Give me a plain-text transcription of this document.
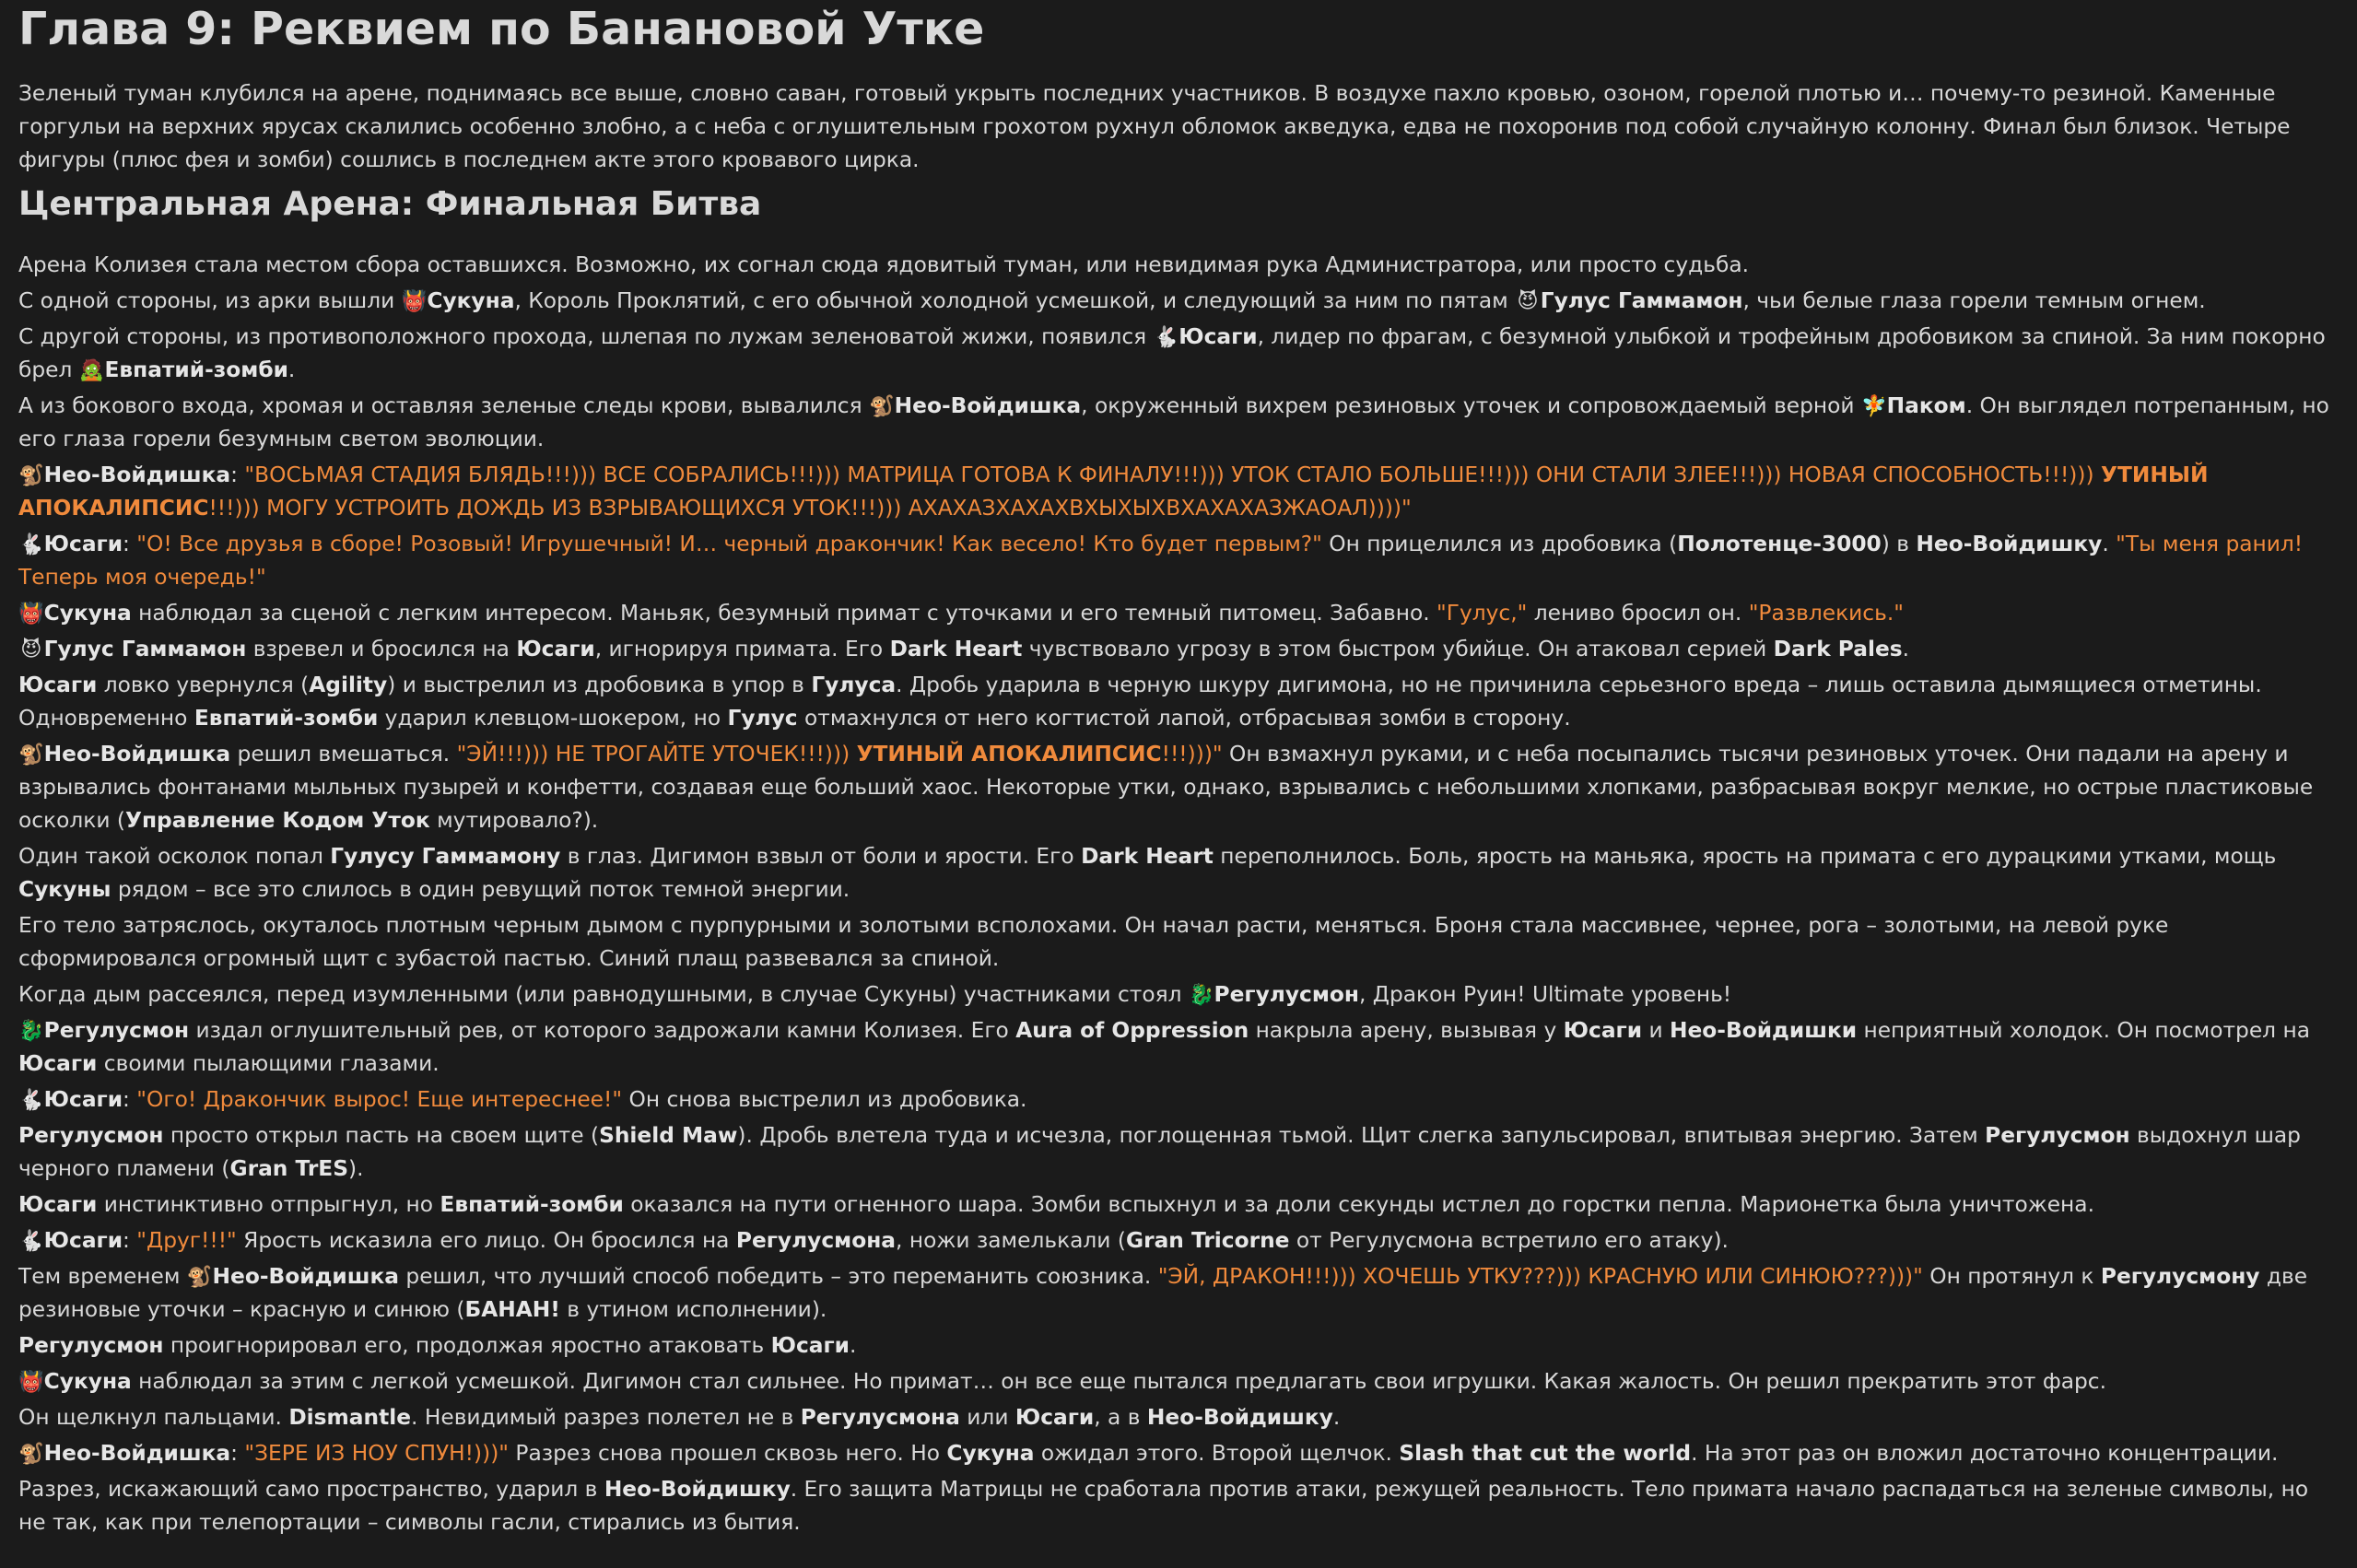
Глава 9: Реквием по Банановой Утке

Зеленый туман клубился на арене, поднимаясь все выше, словно саван, готовый укрыть последних участников. В воздухе пахло кровью, озоном, горелой плотью и… почему-то резиной. Каменные горгульи на верхних ярусах скалились особенно злобно, а с неба с оглушительным грохотом рухнул обломок акведука, едва не похоронив под собой случайную колонну. Финал был близок. Четыре фигуры (плюс фея и зомби) сошлись в последнем акте этого кровавого цирка.

Центральная Арена: Финальная Битва

Арена Колизея стала местом сбора оставшихся. Возможно, их согнал сюда ядовитый туман, или невидимая рука Администратора, или просто судьба.

С одной стороны, из арки вышли 👹Сукуна, Король Проклятий, с его обычной холодной усмешкой, и следующий за ним по пятам 😈Гулус Гаммамон, чьи белые глаза горели темным огнем.

С другой стороны, из противоположного прохода, шлепая по лужам зеленоватой жижи, появился 🐇Юсаги, лидер по фрагам, с безумной улыбкой и трофейным дробовиком за спиной. За ним покорно брел 🧟Евпатий-зомби.

А из бокового входа, хромая и оставляя зеленые следы крови, вывалился 🐒Нео-Войдишка, окруженный вихрем резиновых уточек и сопровождаемый верной 🧚Паком. Он выглядел потрепанным, но его глаза горели безумным светом эволюции.

🐒Нео-Войдишка: "ВОСЬМАЯ СТАДИЯ БЛЯДЬ!!!))) ВСЕ СОБРАЛИСЬ!!!))) МАТРИЦА ГОТОВА К ФИНАЛУ!!!))) УТОК СТАЛО БОЛЬШЕ!!!))) ОНИ СТАЛИ ЗЛЕЕ!!!))) НОВАЯ СПОСОБНОСТЬ!!!))) УТИНЫЙ АПОКАЛИПСИС!!!))) МОГУ УСТРОИТЬ ДОЖДЬ ИЗ ВЗРЫВАЮЩИХСЯ УТОК!!!))) АХАХАЗХАХАХВХЫХЫХВХАХАХАЗЖАОАЛ))))"

🐇Юсаги: "О! Все друзья в сборе! Розовый! Игрушечный! И… черный дракончик! Как весело! Кто будет первым?" Он прицелился из дробовика (Полотенце-3000) в Нео-Войдишку. "Ты меня ранил! Теперь моя очередь!"

👹Сукуна наблюдал за сценой с легким интересом. Маньяк, безумный примат с уточками и его темный питомец. Забавно. "Гулус," лениво бросил он. "Развлекись."

😈Гулус Гаммамон взревел и бросился на Юсаги, игнорируя примата. Его Dark Heart чувствовало угрозу в этом быстром убийце. Он атаковал серией Dark Pales.

Юсаги ловко увернулся (Agility) и выстрелил из дробовика в упор в Гулуса. Дробь ударила в черную шкуру дигимона, но не причинила серьезного вреда – лишь оставила дымящиеся отметины. Одновременно Евпатий-зомби ударил клевцом-шокером, но Гулус отмахнулся от него когтистой лапой, отбрасывая зомби в сторону.

🐒Нео-Войдишка решил вмешаться. "ЭЙ!!!))) НЕ ТРОГАЙТЕ УТОЧЕК!!!))) УТИНЫЙ АПОКАЛИПСИС!!!)))" Он взмахнул руками, и с неба посыпались тысячи резиновых уточек. Они падали на арену и взрывались фонтанами мыльных пузырей и конфетти, создавая еще больший хаос. Некоторые утки, однако, взрывались с небольшими хлопками, разбрасывая вокруг мелкие, но острые пластиковые осколки (Управление Кодом Уток мутировало?).

Один такой осколок попал Гулусу Гаммамону в глаз. Дигимон взвыл от боли и ярости. Его Dark Heart переполнилось. Боль, ярость на маньяка, ярость на примата с его дурацкими утками, мощь Сукуны рядом – все это слилось в один ревущий поток темной энергии.

Его тело затряслось, окуталось плотным черным дымом с пурпурными и золотыми всполохами. Он начал расти, меняться. Броня стала массивнее, чернее, рога – золотыми, на левой руке сформировался огромный щит с зубастой пастью. Синий плащ развевался за спиной.

Когда дым рассеялся, перед изумленными (или равнодушными, в случае Сукуны) участниками стоял 🐉Регулусмон, Дракон Руин! Ultimate уровень!

🐉Регулусмон издал оглушительный рев, от которого задрожали камни Колизея. Его Aura of Oppression накрыла арену, вызывая у Юсаги и Нео-Войдишки неприятный холодок. Он посмотрел на Юсаги своими пылающими глазами.

🐇Юсаги: "Ого! Дракончик вырос! Еще интереснее!" Он снова выстрелил из дробовика.

Регулусмон просто открыл пасть на своем щите (Shield Maw). Дробь влетела туда и исчезла, поглощенная тьмой. Щит слегка запульсировал, впитывая энергию. Затем Регулусмон выдохнул шар черного пламени (Gran TrES).

Юсаги инстинктивно отпрыгнул, но Евпатий-зомби оказался на пути огненного шара. Зомби вспыхнул и за доли секунды истлел до горстки пепла. Марионетка была уничтожена.

🐇Юсаги: "Друг!!!" Ярость исказила его лицо. Он бросился на Регулусмона, ножи замелькали (Gran Tricorne от Регулусмона встретило его атаку).

Тем временем 🐒Нео-Войдишка решил, что лучший способ победить – это переманить союзника. "ЭЙ, ДРАКОН!!!))) ХОЧЕШЬ УТКУ???))) КРАСНУЮ ИЛИ СИНЮЮ???)))" Он протянул к Регулусмону две резиновые уточки – красную и синюю (БАНАН! в утином исполнении).

Регулусмон проигнорировал его, продолжая яростно атаковать Юсаги.

👹Сукуна наблюдал за этим с легкой усмешкой. Дигимон стал сильнее. Но примат… он все еще пытался предлагать свои игрушки. Какая жалость. Он решил прекратить этот фарс.

Он щелкнул пальцами. Dismantle. Невидимый разрез полетел не в Регулусмона или Юсаги, а в Нео-Войдишку.

🐒Нео-Войдишка: "ЗЕРЕ ИЗ НОУ СПУН!)))" Разрез снова прошел сквозь него. Но Сукуна ожидал этого. Второй щелчок. Slash that cut the world. На этот раз он вложил достаточно концентрации.

Разрез, искажающий само пространство, ударил в Нео-Войдишку. Его защита Матрицы не сработала против атаки, режущей реальность. Тело примата начало распадаться на зеленые символы, но не так, как при телепортации – символы гасли, стирались из бытия.
